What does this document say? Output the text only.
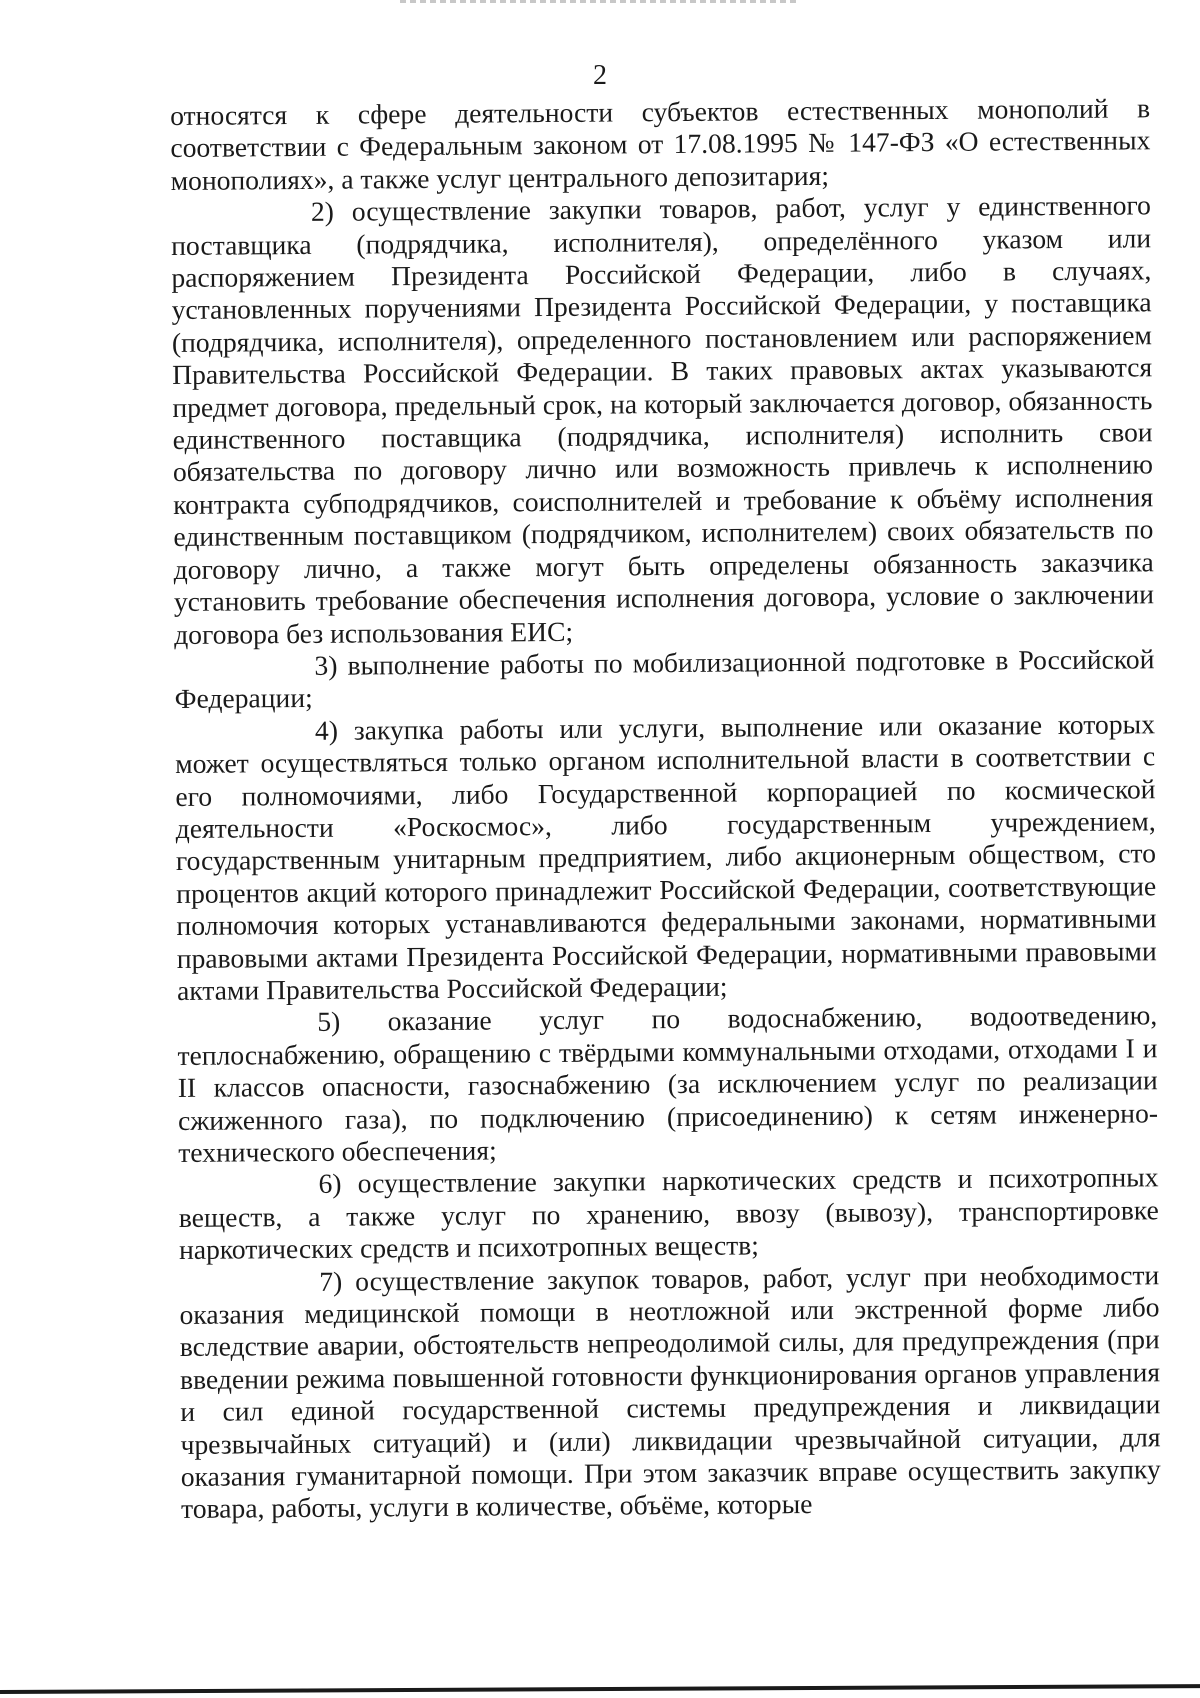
2

относятся к сфере деятельности субъектов естественных монополий в соответствии с Федеральным законом от 17.08.1995 № 147-ФЗ «О естественных монополиях», а также услуг центрального депозитария;

2) осуществление закупки товаров, работ, услуг у единственного поставщика (подрядчика, исполнителя), определённого указом или распоряжением Президента Российской Федерации, либо в случаях, установленных поручениями Президента Российской Федерации, у поставщика (подрядчика, исполнителя), определенного постановлением или распоряжением Правительства Российской Федерации. В таких правовых актах указываются предмет договора, предельный срок, на который заключается договор, обязанность единственного поставщика (подрядчика, исполнителя) исполнить свои обязательства по договору лично или возможность привлечь к исполнению контракта субподрядчиков, соисполнителей и требование к объёму исполнения единственным поставщиком (подрядчиком, исполнителем) своих обязательств по договору лично, а также могут быть определены обязанность заказчика установить требование обеспечения исполнения договора, условие о заключении договора без использования ЕИС;

3) выполнение работы по мобилизационной подготовке в Российской Федерации;

4) закупка работы или услуги, выполнение или оказание которых может осуществляться только органом исполнительной власти в соответствии с его полномочиями, либо Государственной корпорацией по космической деятельности «Роскосмос», либо государственным учреждением, государственным унитарным предприятием, либо акционерным обществом, сто процентов акций которого принадлежит Российской Федерации, соответствующие полномочия которых устанавливаются федеральными законами, нормативными правовыми актами Президента Российской Федерации, нормативными правовыми актами Правительства Российской Федерации;

5) оказание услуг по водоснабжению, водоотведению, теплоснабжению, обращению с твёрдыми коммунальными отходами, отходами I и II классов опасности, газоснабжению (за исключением услуг по реализации сжиженного газа), по подключению (присоединению) к сетям инженерно-технического обеспечения;

6) осуществление закупки наркотических средств и психотропных веществ, а также услуг по хранению, ввозу (вывозу), транспортировке наркотических средств и психотропных веществ;

7) осуществление закупок товаров, работ, услуг при необходимости оказания медицинской помощи в неотложной или экстренной форме либо вследствие аварии, обстоятельств непреодолимой силы, для предупреждения (при введении режима повышенной готовности функционирования органов управления и сил единой государственной системы предупреждения и ликвидации чрезвычайных ситуаций) и (или) ликвидации чрезвычайной ситуации, для оказания гуманитарной помощи. При этом заказчик вправе осуществить закупку товара, работы, услуги в количестве, объёме, которые
